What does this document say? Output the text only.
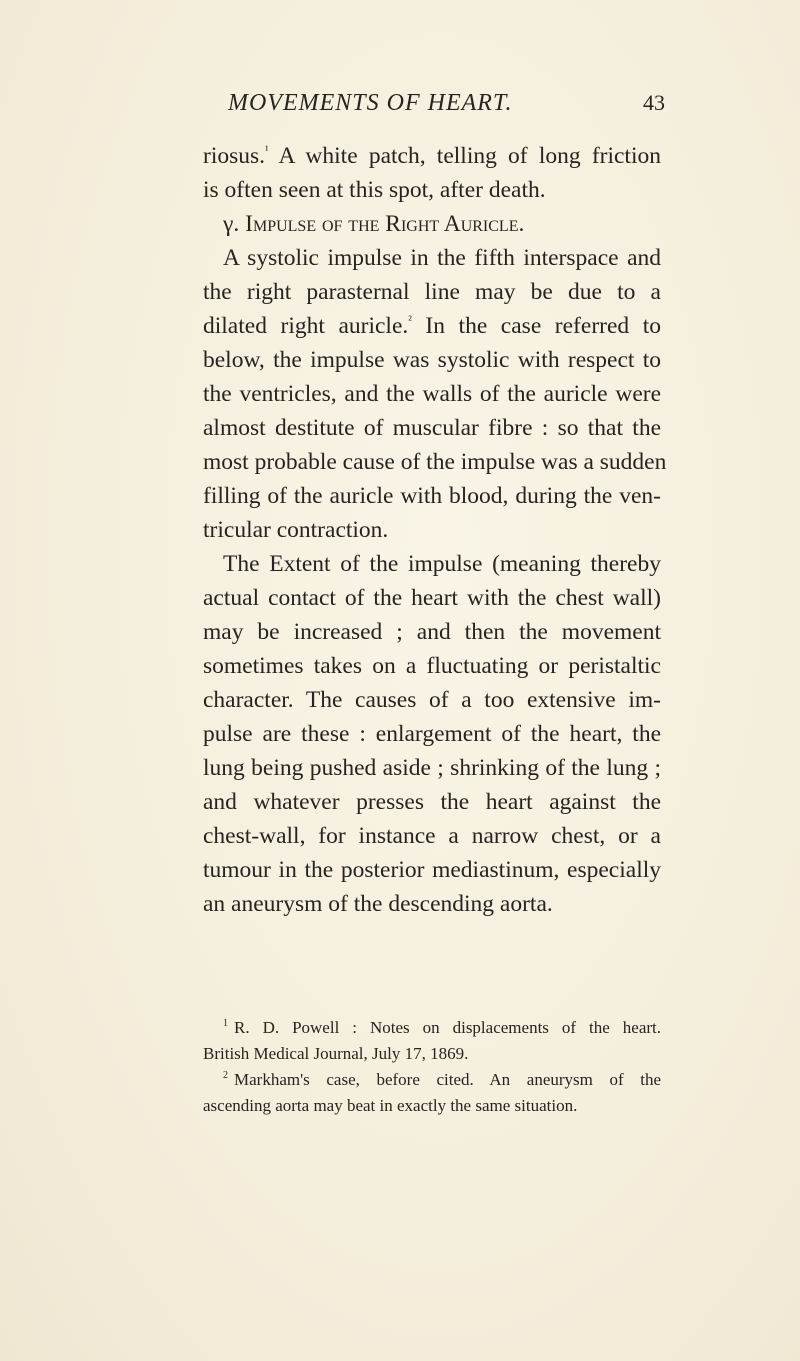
MOVEMENTS OF HEART.	43
riosus.$^{^1}$ A white patch, telling of long friction
is often seen at this spot, after death.
γ. Impulse of the Right Auricle.
A systolic impulse in the fifth interspace and
the right parasternal line may be due to a
dilated right auricle.$^{^2}$ In the case referred to
below, the impulse was systolic with respect to
the ventricles, and the walls of the auricle were
almost destitute of muscular fibre : so that the
most probable cause of the impulse was a sudden
filling of the auricle with blood, during the ven-
tricular contraction.
The Extent of the impulse (meaning thereby
actual contact of the heart with the chest wall)
may be increased ; and then the movement
sometimes takes on a fluctuating or peristaltic
character. The causes of a too extensive im-
pulse are these : enlargement of the heart, the
lung being pushed aside ; shrinking of the lung ;
and whatever presses the heart against the
chest-wall, for instance a narrow chest, or a
tumour in the posterior mediastinum, especially
an aneurysm of the descending aorta.
$^1$ R. D. Powell : Notes on displacements of the heart.
British Medical Journal, July 17, 1869.
$^2$ Markham's case, before cited. An aneurysm of the
ascending aorta may beat in exactly the same situation.
